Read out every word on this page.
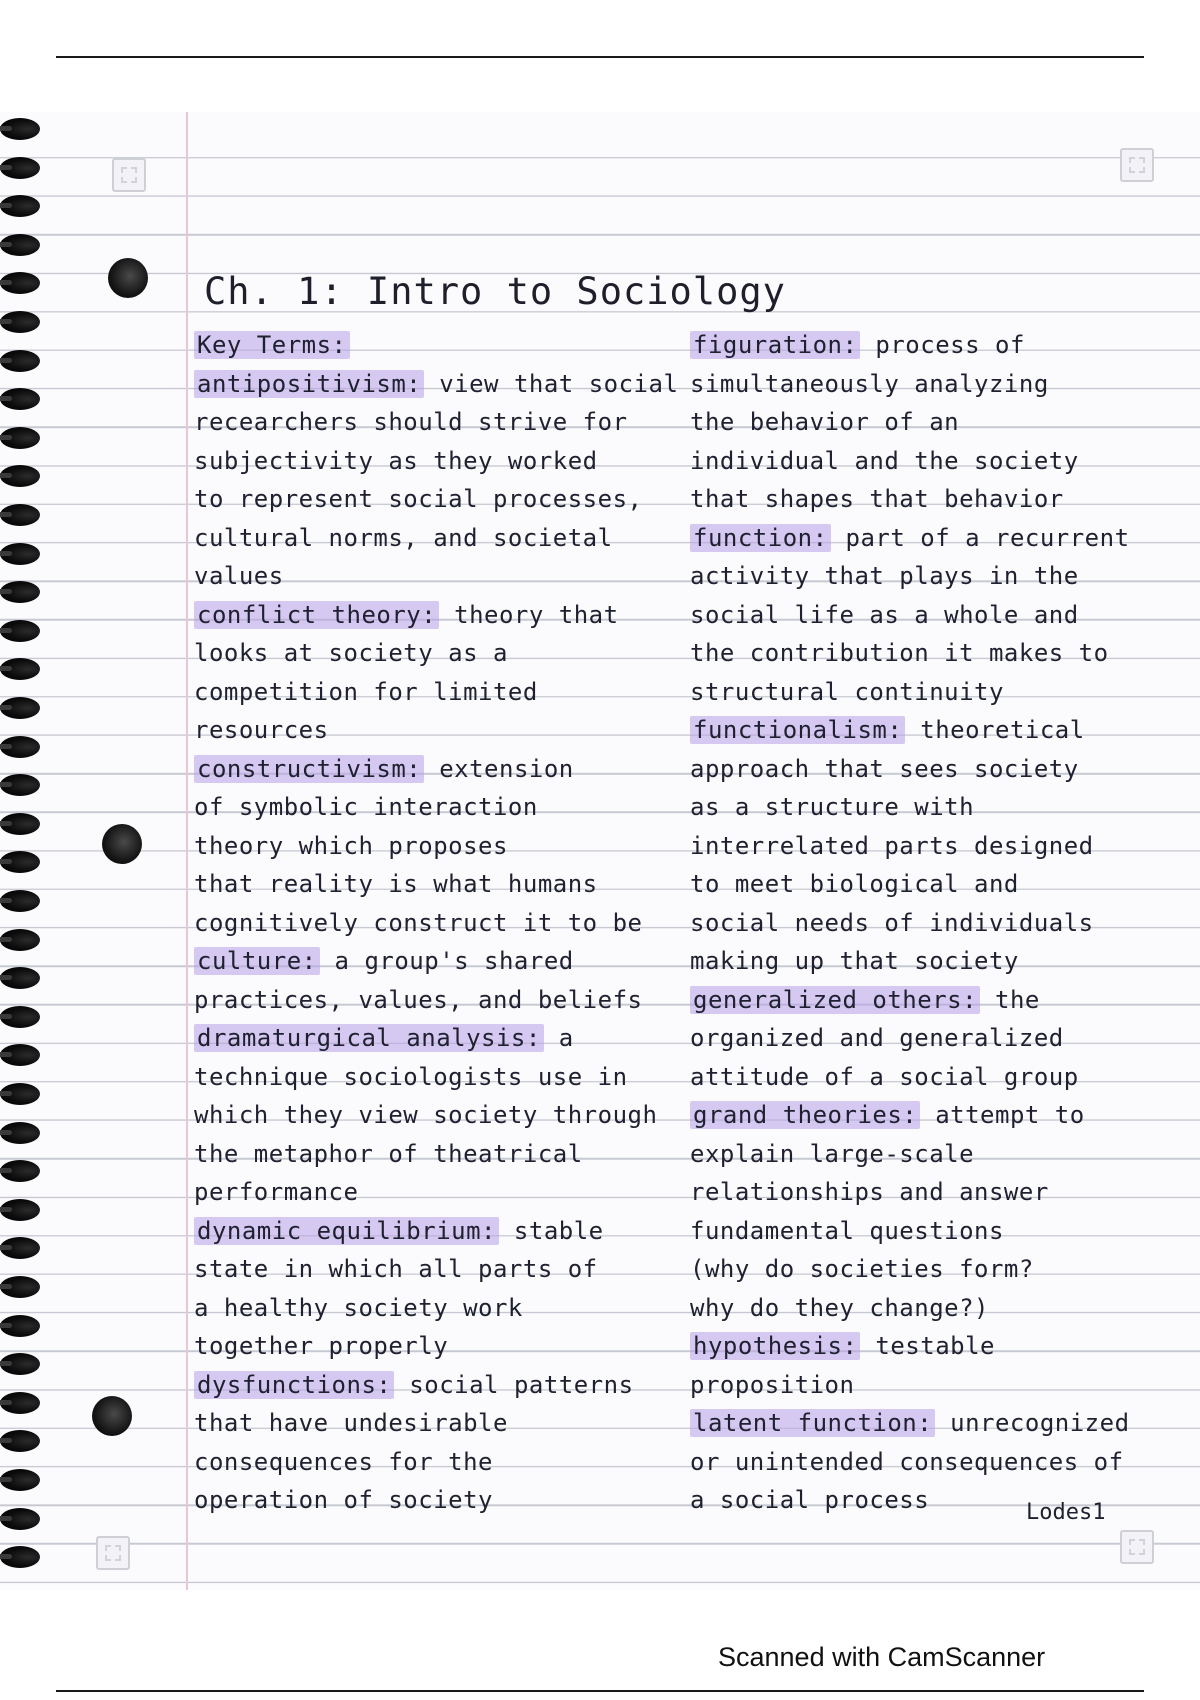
Ch. 1: Intro to Sociology
Key Terms:
antipositivism: view that social
recearchers should strive for
subjectivity as they worked
to represent social processes,
cultural norms, and societal
values
conflict theory: theory that
looks at society as a
competition for limited
resources
constructivism: extension
of symbolic interaction
theory which proposes
that reality is what humans
cognitively construct it to be
culture: a group's shared
practices, values, and beliefs
dramaturgical analysis: a
technique sociologists use in
which they view society through
the metaphor of theatrical
performance
dynamic equilibrium: stable
state in which all parts of
a healthy society work
together properly
dysfunctions: social patterns
that have undesirable
consequences for the
operation of society
figuration: process of
simultaneously analyzing
the behavior of an
individual and the society
that shapes that behavior
function: part of a recurrent
activity that plays in the
social life as a whole and
the contribution it makes to
structural continuity
functionalism: theoretical
approach that sees society
as a structure with
interrelated parts designed
to meet biological and
social needs of individuals
making up that society
generalized others: the
organized and generalized
attitude of a social group
grand theories: attempt to
explain large-scale
relationships and answer
fundamental questions
(why do societies form?
why do they change?)
hypothesis: testable
proposition
latent function: unrecognized
or unintended consequences of
a social process	Lodes1
Scanned with CamScanner
